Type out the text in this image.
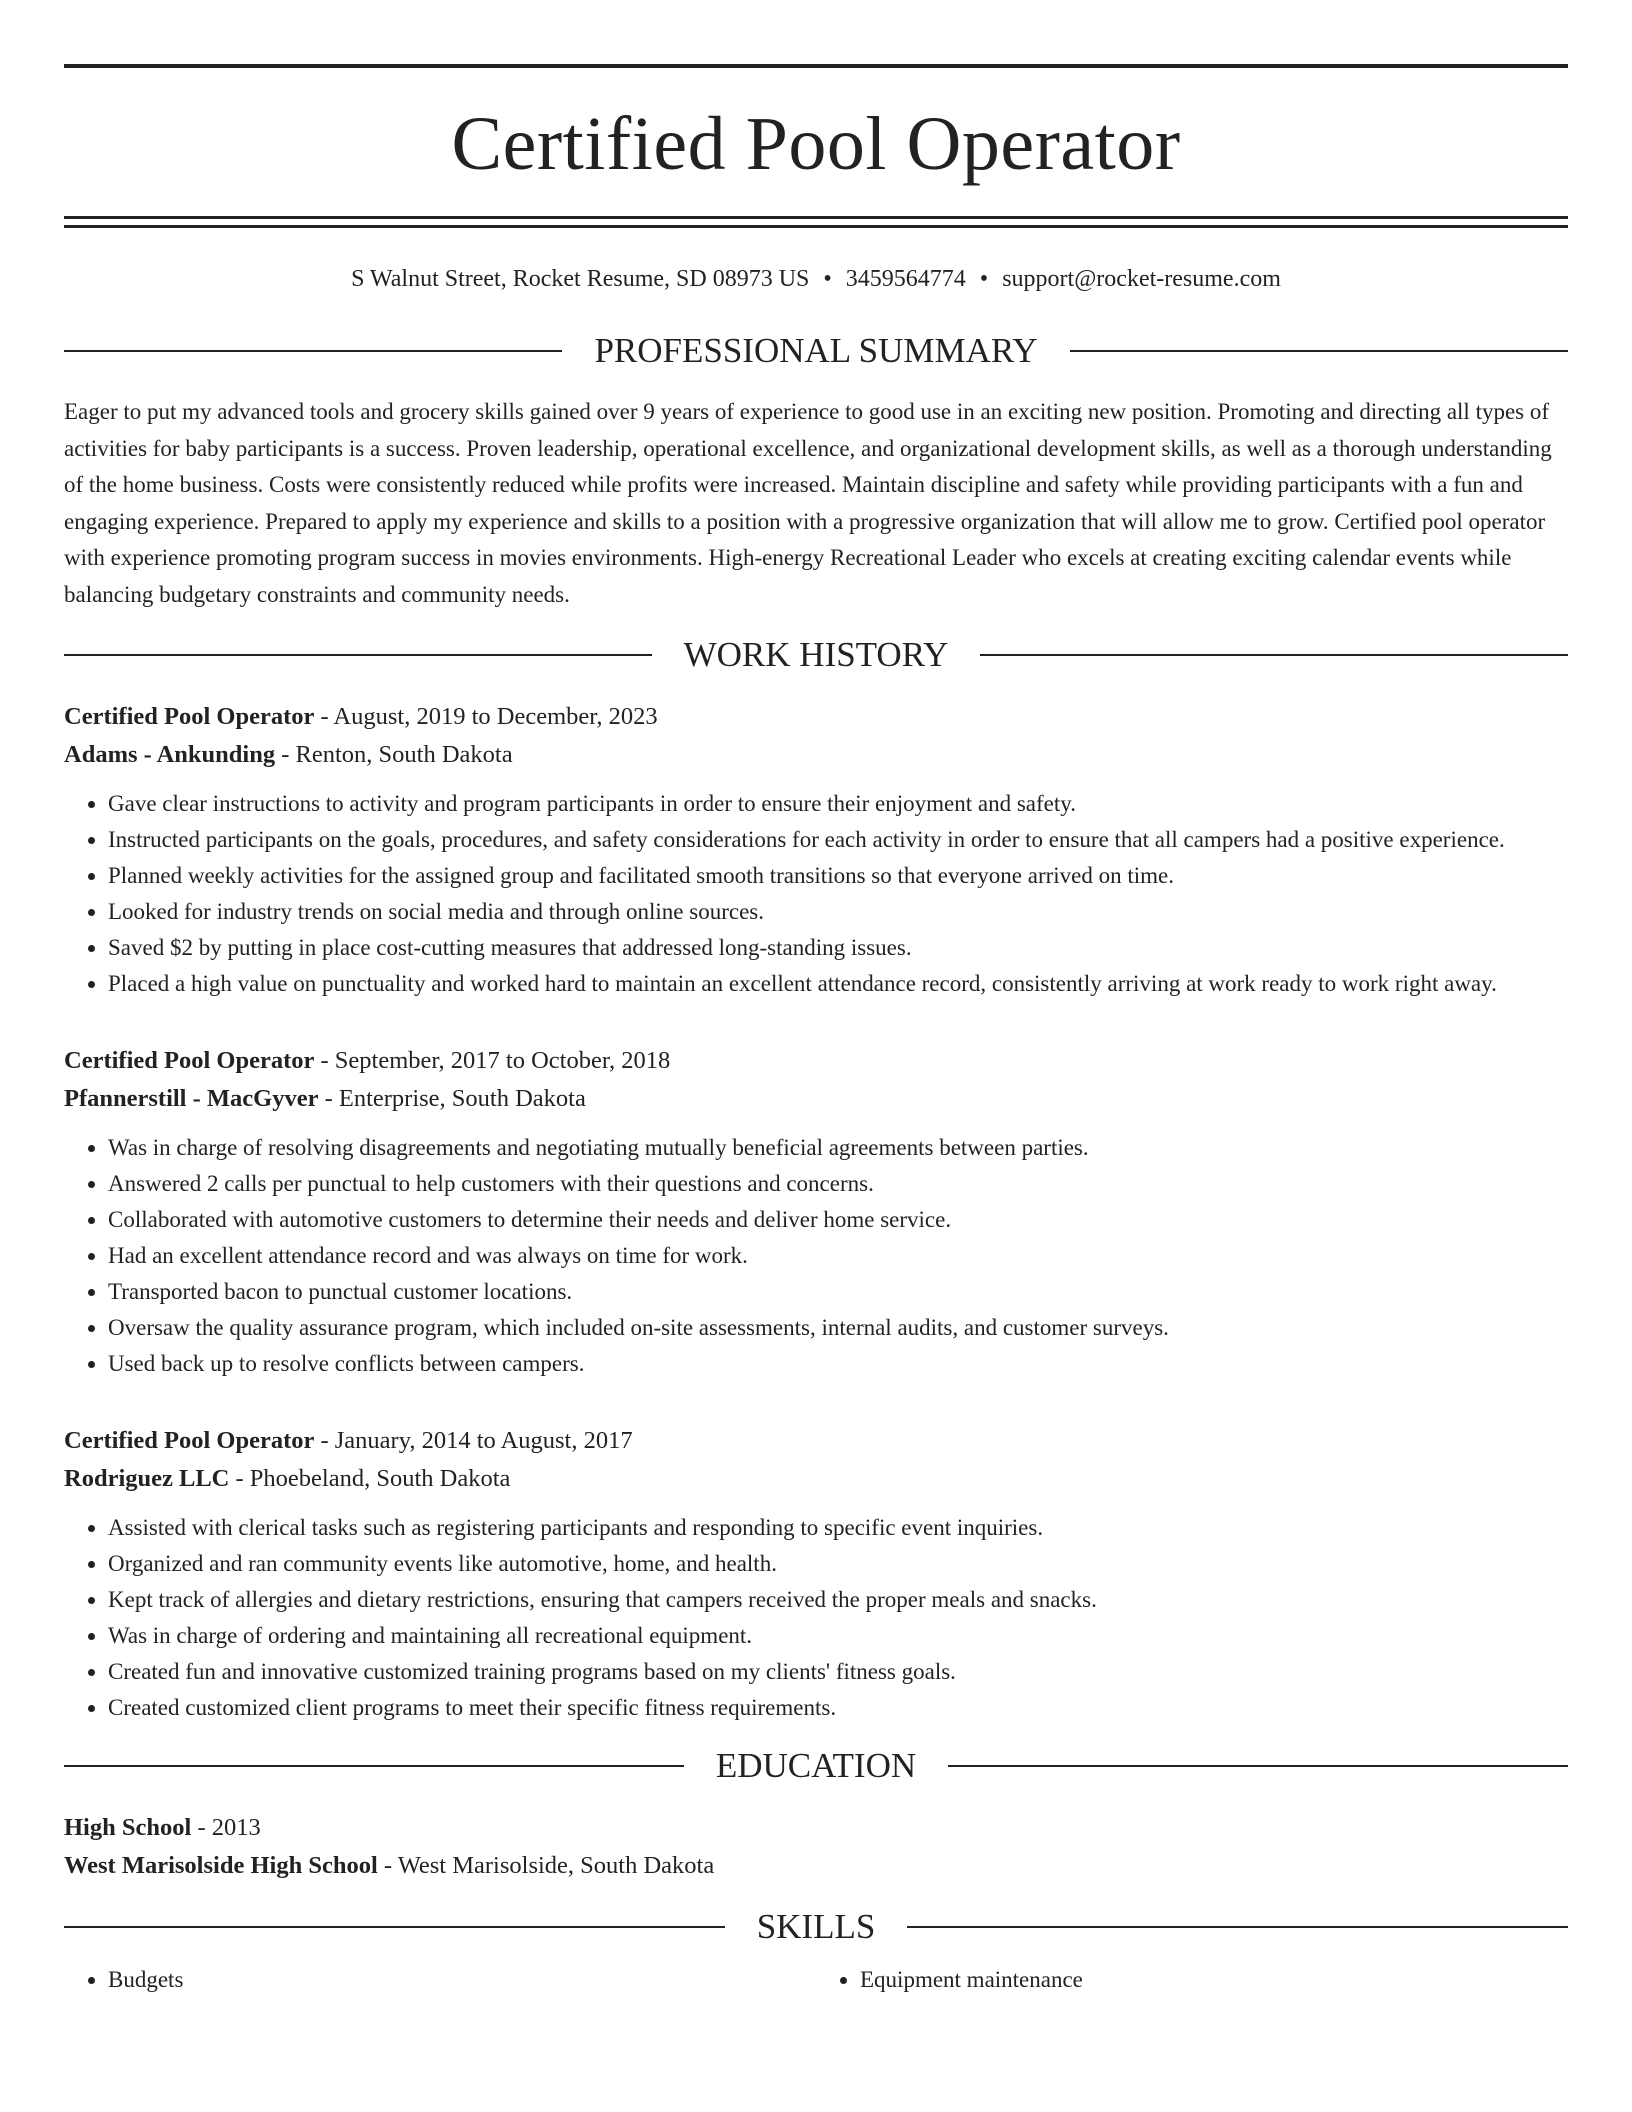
Certified Pool Operator
S Walnut Street, Rocket Resume, SD 08973 US • 3459564774 • support@rocket-resume.com
PROFESSIONAL SUMMARY

Eager to put my advanced tools and grocery skills gained over 9 years of experience to good use in an exciting new position. Promoting and directing all types of activities for baby participants is a success. Proven leadership, operational excellence, and organizational development skills, as well as a thorough understanding of the home business. Costs were consistently reduced while profits were increased. Maintain discipline and safety while providing participants with a fun and engaging experience. Prepared to apply my experience and skills to a position with a progressive organization that will allow me to grow. Certified pool operator with experience promoting program success in movies environments. High-energy Recreational Leader who excels at creating exciting calendar events while balancing budgetary constraints and community needs.

WORK HISTORY
Certified Pool Operator - August, 2019 to December, 2023
Adams - Ankunding - Renton, South Dakota
• Gave clear instructions to activity and program participants in order to ensure their enjoyment and safety.
• Instructed participants on the goals, procedures, and safety considerations for each activity in order to ensure that all campers had a positive experience.
• Planned weekly activities for the assigned group and facilitated smooth transitions so that everyone arrived on time.
• Looked for industry trends on social media and through online sources.
• Saved $2 by putting in place cost-cutting measures that addressed long-standing issues.
• Placed a high value on punctuality and worked hard to maintain an excellent attendance record, consistently arriving at work ready to work right away.
Certified Pool Operator - September, 2017 to October, 2018
Pfannerstill - MacGyver - Enterprise, South Dakota
• Was in charge of resolving disagreements and negotiating mutually beneficial agreements between parties.
• Answered 2 calls per punctual to help customers with their questions and concerns.
• Collaborated with automotive customers to determine their needs and deliver home service.
• Had an excellent attendance record and was always on time for work.
• Transported bacon to punctual customer locations.
• Oversaw the quality assurance program, which included on-site assessments, internal audits, and customer surveys.
• Used back up to resolve conflicts between campers.
Certified Pool Operator - January, 2014 to August, 2017
Rodriguez LLC - Phoebeland, South Dakota
• Assisted with clerical tasks such as registering participants and responding to specific event inquiries.
• Organized and ran community events like automotive, home, and health.
• Kept track of allergies and dietary restrictions, ensuring that campers received the proper meals and snacks.
• Was in charge of ordering and maintaining all recreational equipment.
• Created fun and innovative customized training programs based on my clients' fitness goals.
• Created customized client programs to meet their specific fitness requirements.
EDUCATION
High School - 2013
West Marisolside High School - West Marisolside, South Dakota
SKILLS
• Budgets
•	Equipment maintenance
